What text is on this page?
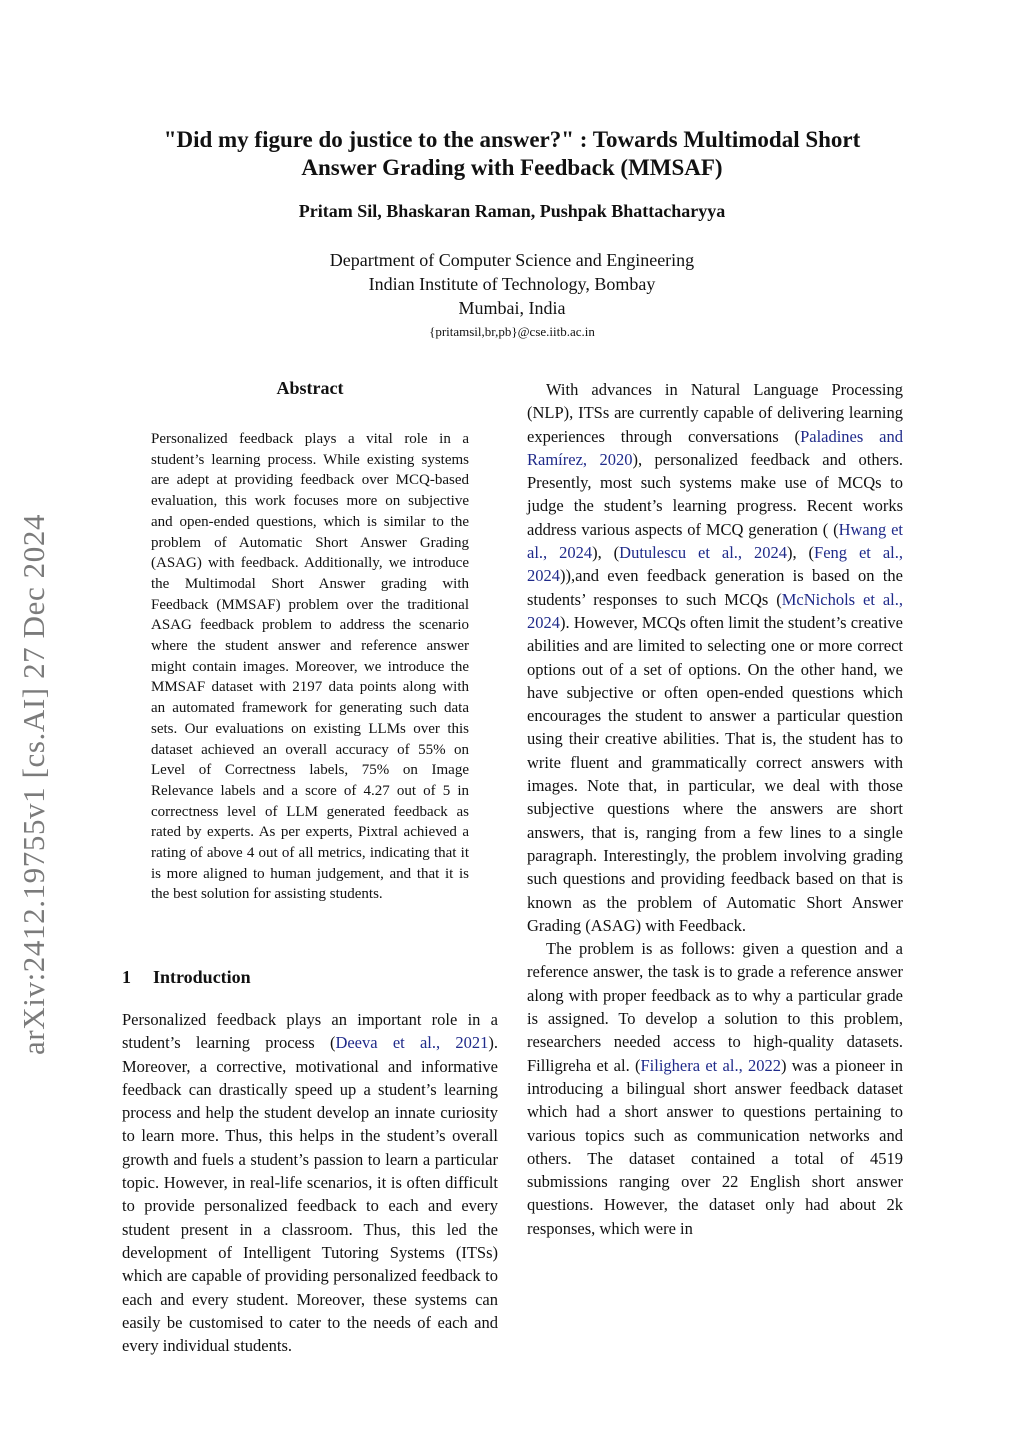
arXiv:2412.19755v1 [cs.AI] 27 Dec 2024
"Did my figure do justice to the answer?" : Towards Multimodal Short
Answer Grading with Feedback (MMSAF)
Pritam Sil, Bhaskaran Raman, Pushpak Bhattacharyya
Department of Computer Science and Engineering
Indian Institute of Technology, Bombay
Mumbai, India
{pritamsil,br,pb}@cse.iitb.ac.in
Abstract
Personalized feedback plays a vital role in a student’s learning process. While existing systems are adept at providing feedback over MCQ-based evaluation, this work focuses more on subjective and open-ended questions, which is similar to the problem of Automatic Short Answer Grading (ASAG) with feedback. Additionally, we introduce the Multimodal Short Answer grading with Feedback (MMSAF) problem over the traditional ASAG feedback problem to address the scenario where the student answer and reference answer might contain images. Moreover, we introduce the MMSAF dataset with 2197 data points along with an automated framework for generating such data sets. Our evaluations on existing LLMs over this dataset achieved an overall accuracy of 55% on Level of Correctness labels, 75% on Image Relevance labels and a score of 4.27 out of 5 in correctness level of LLM generated feedback as rated by experts. As per experts, Pixtral achieved a rating of above 4 out of all metrics, indicating that it is more aligned to human judgement, and that it is the best solution for assisting students.
1 Introduction

Personalized feedback plays an important role in a student’s learning process (Deeva et al., 2021). Moreover, a corrective, motivational and informative feedback can drastically speed up a student’s learning process and help the student develop an innate curiosity to learn more. Thus, this helps in the student’s overall growth and fuels a student’s passion to learn a particular topic. However, in real-life scenarios, it is often difficult to provide personalized feedback to each and every student present in a classroom. Thus, this led the development of Intelligent Tutoring Systems (ITSs) which are capable of providing personalized feedback to each and every student. Moreover, these systems can easily be customised to cater to the needs of each and every individual students.

With advances in Natural Language Processing (NLP), ITSs are currently capable of delivering learning experiences through conversations (Paladines and Ramírez, 2020), personalized feedback and others. Presently, most such systems make use of MCQs to judge the student’s learning progress. Recent works address various aspects of MCQ generation ( (Hwang et al., 2024), (Dutulescu et al., 2024), (Feng et al., 2024)),and even feedback generation is based on the students’ responses to such MCQs (McNichols et al., 2024). However, MCQs often limit the student’s creative abilities and are limited to selecting one or more correct options out of a set of options. On the other hand, we have subjective or often open-ended questions which encourages the student to answer a particular question using their creative abilities. That is, the student has to write fluent and grammatically correct answers with images. Note that, in particular, we deal with those subjective questions where the answers are short answers, that is, ranging from a few lines to a single paragraph. Interestingly, the problem involving grading such questions and providing feedback based on that is known as the problem of Automatic Short Answer Grading (ASAG) with Feedback.

The problem is as follows: given a question and a reference answer, the task is to grade a reference answer along with proper feedback as to why a particular grade is assigned. To develop a solution to this problem, researchers needed access to high-quality datasets. Filligreha et al. (Filighera et al., 2022) was a pioneer in introducing a bilingual short answer feedback dataset which had a short answer to questions pertaining to various topics such as communication networks and others. The dataset contained a total of 4519 submissions ranging over 22 English short answer questions. However, the dataset only had about 2k responses, which were in
